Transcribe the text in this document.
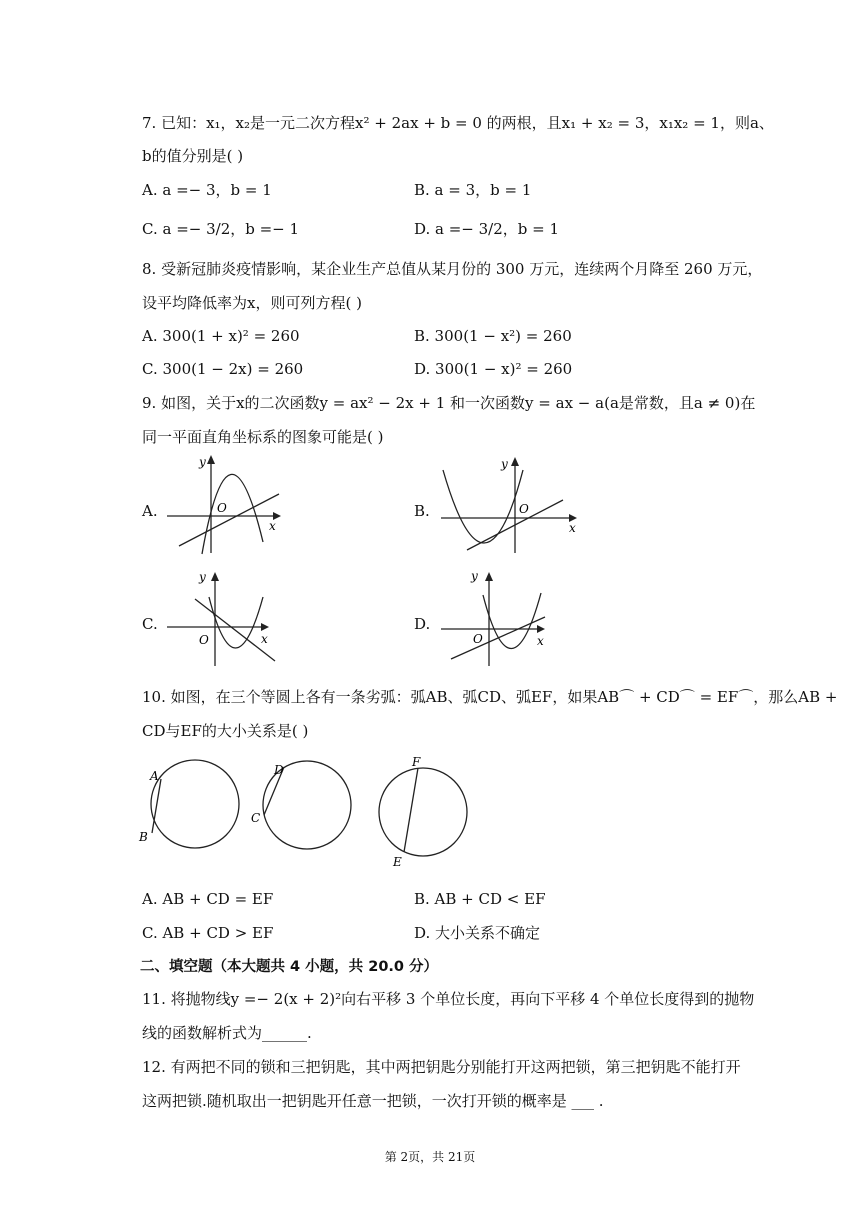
7. 已知：x₁，x₂是一元二次方程x² + 2ax + b = 0 的两根，且x₁ + x₂ = 3，x₁x₂ = 1，则a、
b的值分别是( )
A. a =− 3，b = 1	B. a = 3，b = 1
C. a =− 3/2，b =− 1	D. a =− 3/2，b = 1
8. 受新冠肺炎疫情影响，某企业生产总值从某月份的 300 万元，连续两个月降至 260 万元，
设平均降低率为x，则可列方程( )
A. 300(1 + x)² = 260	B. 300(1 − x²) = 260
C. 300(1 − 2x) = 260	D. 300(1 − x)² = 260
9. 如图，关于x的二次函数y = ax² − 2x + 1 和一次函数y = ax − a(a是常数，且a ≠ 0)在
同一平面直角坐标系的图象可能是( )
A.	B.
C.	D.
y
x
O
y
x
O
y
x
O
y
x
O
10. 如图，在三个等圆上各有一条劣弧：弧AB、弧CD、弧EF，如果AB⌒ + CD⌒ = EF⌒，那么AB +
CD与EF的大小关系是( )
A
B
D
C
F
E
A. AB + CD = EF	B. AB + CD < EF
C. AB + CD > EF	D. 大小关系不确定
二、填空题（本大题共 4 小题，共 20.0 分）
11. 将抛物线y =− 2(x + 2)²向右平移 3 个单位长度，再向下平移 4 个单位长度得到的抛物
线的函数解析式为______.
12. 有两把不同的锁和三把钥匙，其中两把钥匙分别能打开这两把锁，第三把钥匙不能打开
这两把锁.随机取出一把钥匙开任意一把锁，一次打开锁的概率是 ___ .
第 2页，共 21页
